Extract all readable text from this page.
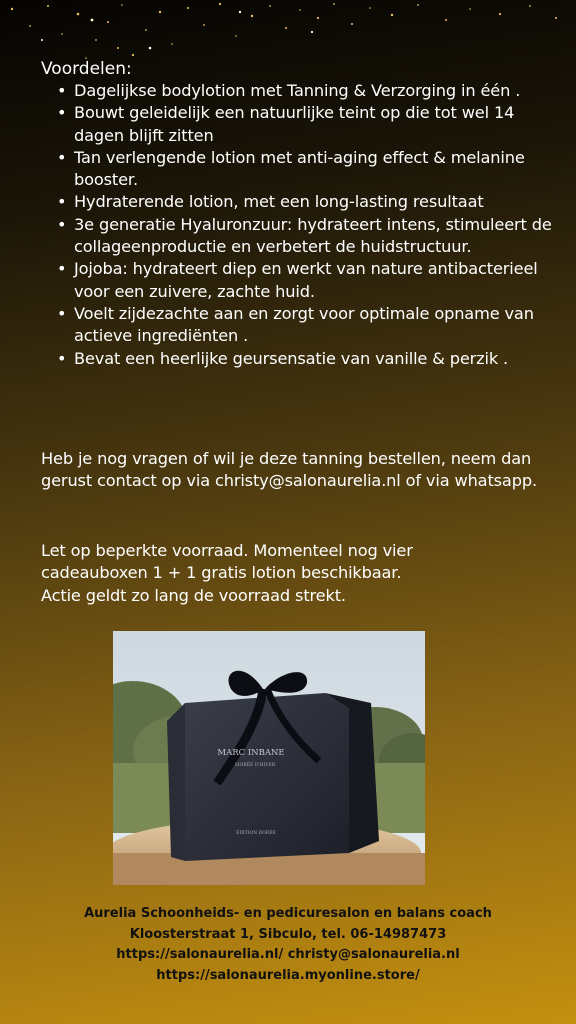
Voordelen:
• Dagelijkse bodylotion met Tanning & Verzorging in één .
• Bouwt geleidelijk een natuurlijke teint op die tot wel 14 dagen blijft zitten
• Tan verlengende lotion met anti-aging effect & melanine booster.
• Hydraterende lotion, met een long-lasting resultaat
• 3e generatie Hyaluronzuur: hydrateert intens, stimuleert de collageenproductie en verbetert de huidstructuur.
• Jojoba: hydrateert diep en werkt van nature antibacterieel voor een zuivere, zachte huid.
• Voelt zijdezachte aan en zorgt voor optimale opname van actieve ingrediënten .
• Bevat een heerlijke geursensatie van vanille & perzik .

Heb je nog vragen of wil je deze tanning bestellen, neem dan gerust contact op via christy@salonaurelia.nl of via whatsapp.

Let op beperkte voorraad. Momenteel nog vier
cadeauboxen 1 + 1 gratis lotion beschikbaar.
Actie geldt zo lang de voorraad strekt.
MARC INBANE
SOIRÉE D'HIVER
ÉDITION DORÉE
Aurelia Schoonheids- en pedicuresalon en balans coach
Kloosterstraat 1, Sibculo, tel. 06-14987473
https://salonaurelia.nl/ christy@salonaurelia.nl
https://salonaurelia.myonline.store/
